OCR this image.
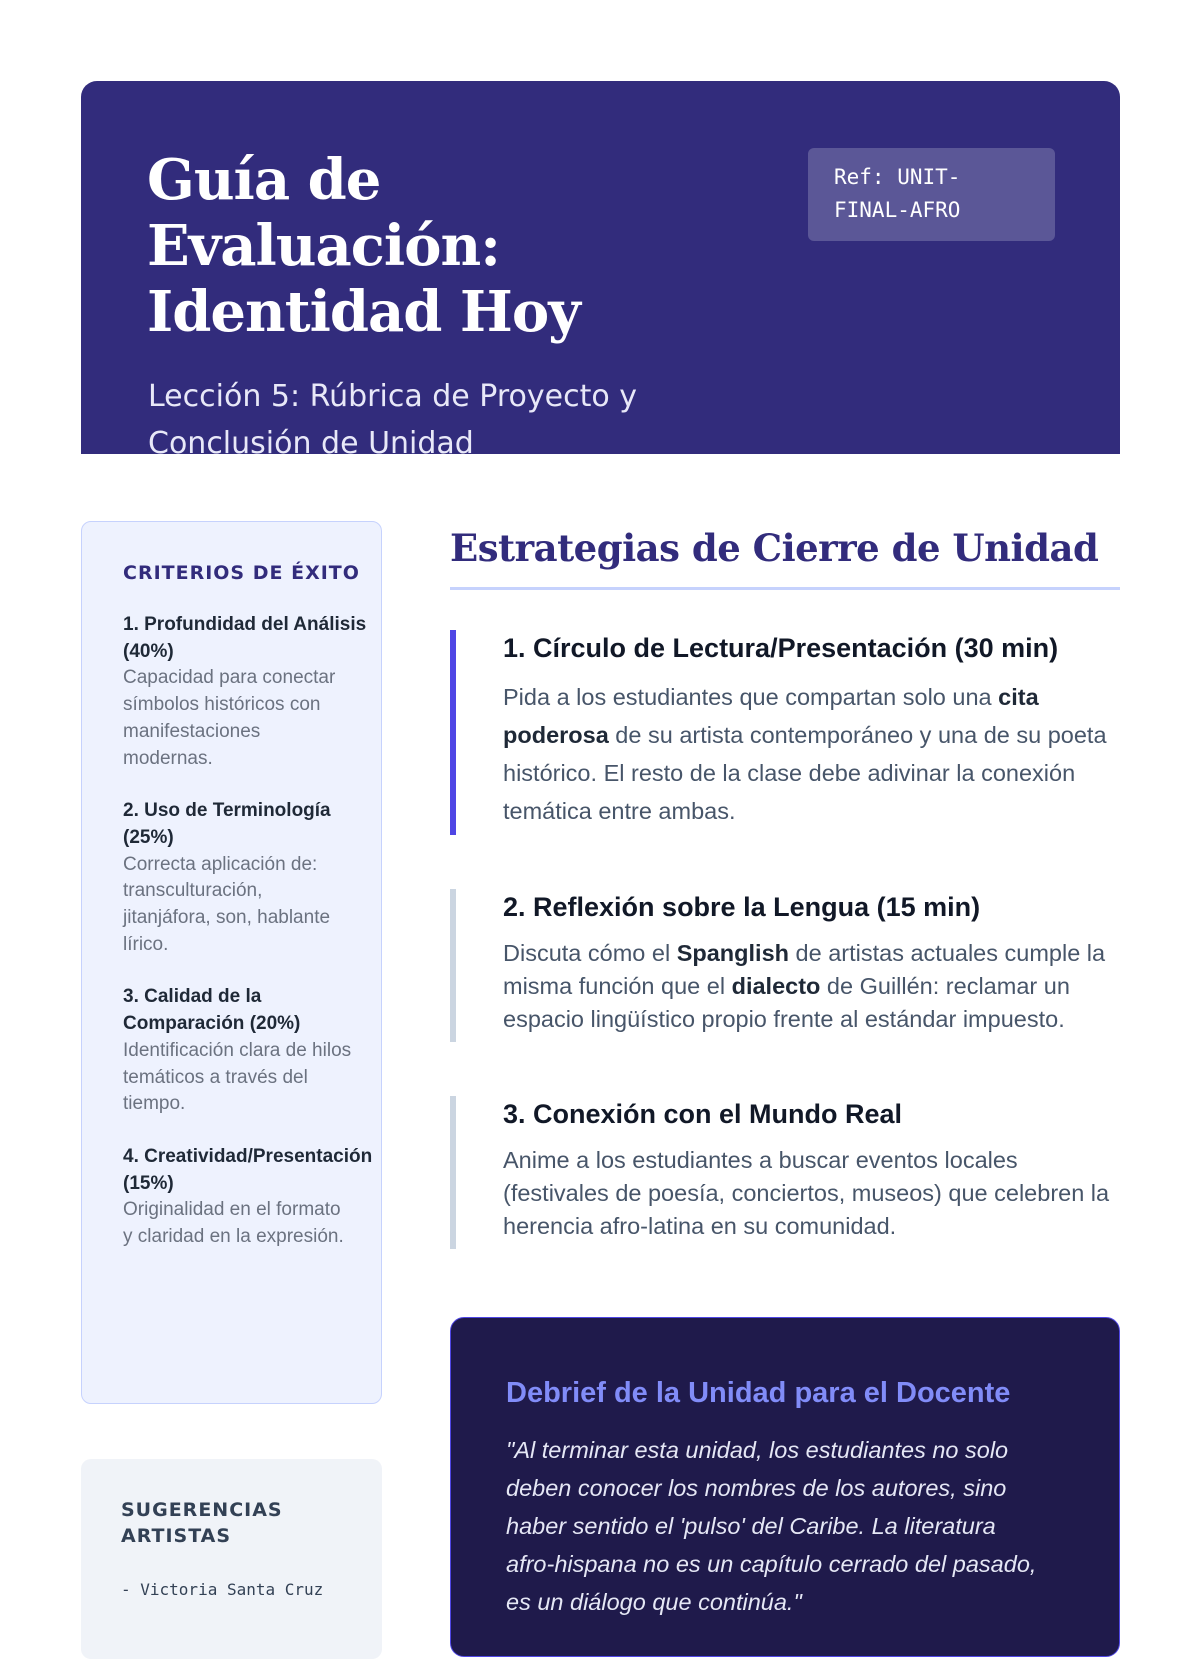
Guía de Evaluación: Identidad Hoy

Lección 5: Rúbrica de Proyecto y Conclusión de Unidad

Ref: UNIT-FINAL-AFRO
CRITERIOS DE ÉXITO
1. Profundidad del Análisis (40%)
Capacidad para conectar símbolos históricos con manifestaciones modernas.
2. Uso de Terminología (25%)
Correcta aplicación de: transculturación, jitanjáfora, son, hablante lírico.
3. Calidad de la Comparación (20%)
Identificación clara de hilos temáticos a través del tiempo.
4. Creatividad/Presentación (15%)
Originalidad en el formato y claridad en la expresión.
SUGERENCIAS ARTISTAS
- Victoria Santa Cruz
Estrategias de Cierre de Unidad
1. Círculo de Lectura/Presentación (30 min)

Pida a los estudiantes que compartan solo una cita poderosa de su artista contemporáneo y una de su poeta histórico. El resto de la clase debe adivinar la conexión temática entre ambas.

2. Reflexión sobre la Lengua (15 min)

Discuta cómo el Spanglish de artistas actuales cumple la misma función que el dialecto de Guillén: reclamar un espacio lingüístico propio frente al estándar impuesto.

3. Conexión con el Mundo Real

Anime a los estudiantes a buscar eventos locales (festivales de poesía, conciertos, museos) que celebren la herencia afro-latina en su comunidad.

Debrief de la Unidad para el Docente

"Al terminar esta unidad, los estudiantes no solo deben conocer los nombres de los autores, sino haber sentido el 'pulso' del Caribe. La literatura afro-hispana no es un capítulo cerrado del pasado, es un diálogo que continúa."
